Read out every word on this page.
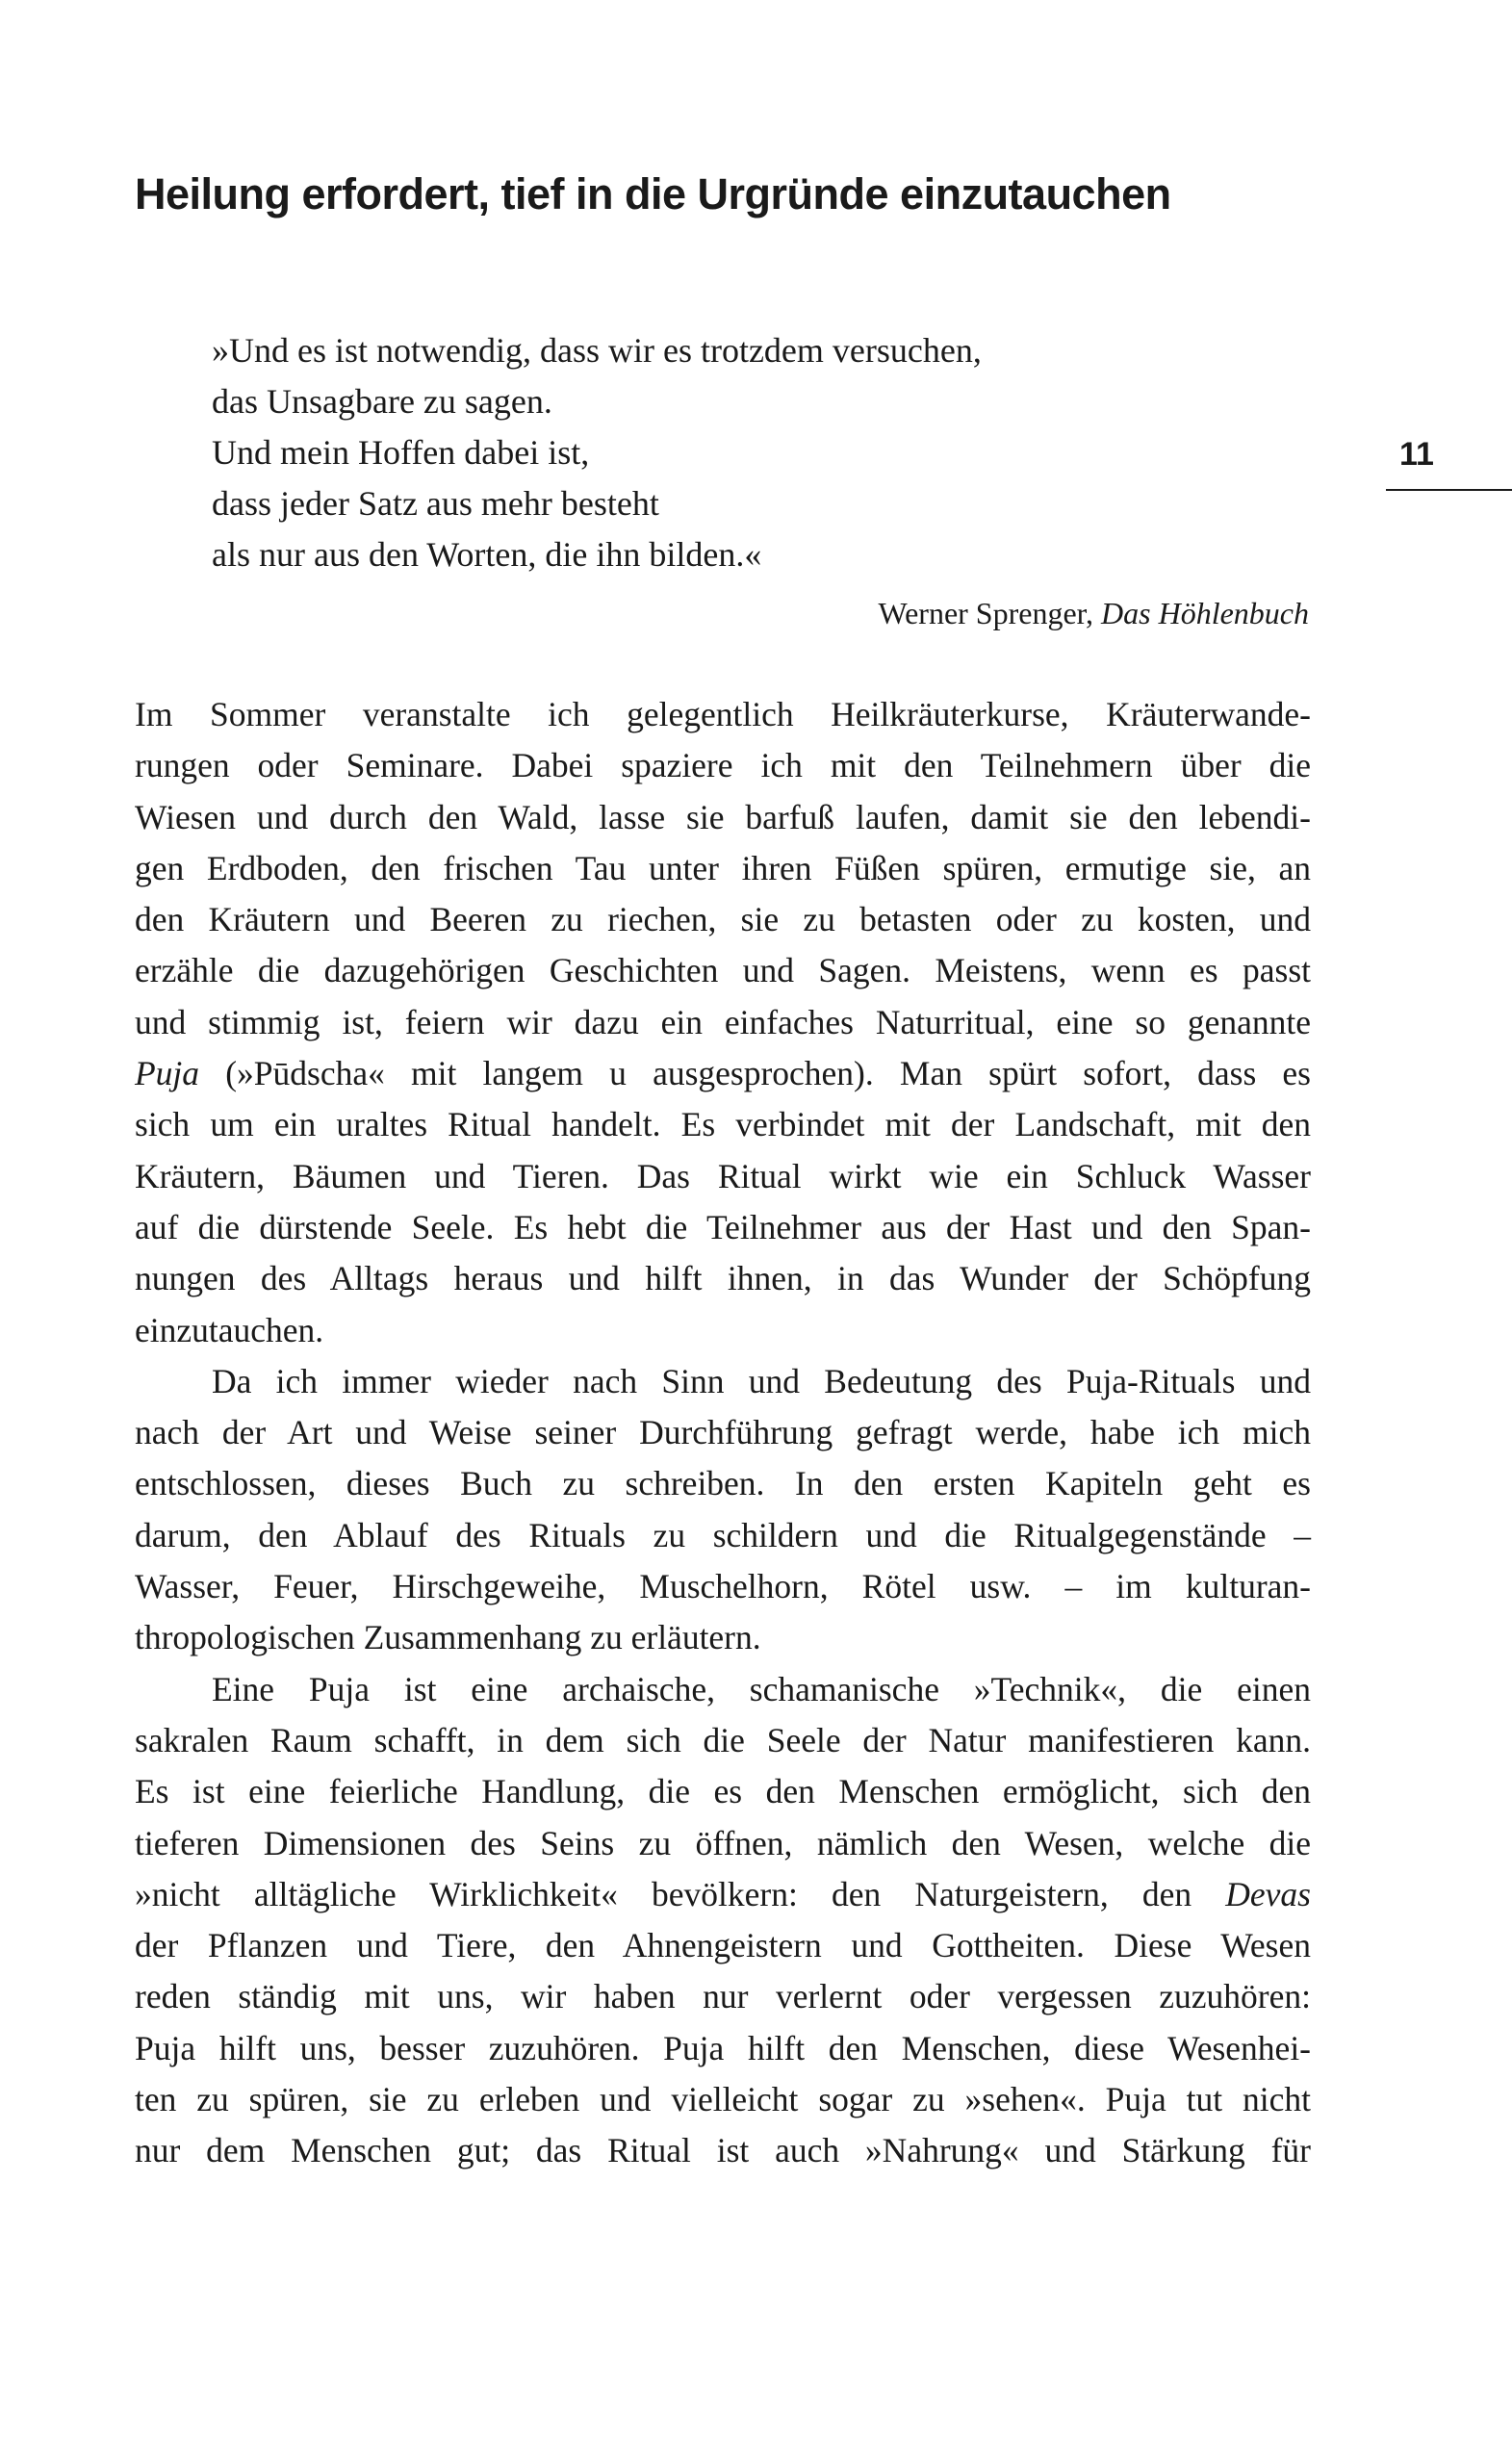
Heilung erfordert, tief in die Urgründe einzutauchen
11
»Und es ist notwendig, dass wir es trotzdem versuchen,
das Unsagbare zu sagen.
Und mein Hoffen dabei ist,
dass jeder Satz aus mehr besteht
als nur aus den Worten, die ihn bilden.«
Werner Sprenger, Das Höhlenbuch
Im Sommer veranstalte ich gelegentlich Heilkräuterkurse, Kräuterwande-
rungen oder Seminare. Dabei spaziere ich mit den Teilnehmern über die
Wiesen und durch den Wald, lasse sie barfuß laufen, damit sie den lebendi-
gen Erdboden, den frischen Tau unter ihren Füßen spüren, ermutige sie, an
den Kräutern und Beeren zu riechen, sie zu betasten oder zu kosten, und
erzähle die dazugehörigen Geschichten und Sagen. Meistens, wenn es passt
und stimmig ist, feiern wir dazu ein einfaches Naturritual, eine so genannte
Puja (»Pūdscha« mit langem u ausgesprochen). Man spürt sofort, dass es
sich um ein uraltes Ritual handelt. Es verbindet mit der Landschaft, mit den
Kräutern, Bäumen und Tieren. Das Ritual wirkt wie ein Schluck Wasser
auf die dürstende Seele. Es hebt die Teilnehmer aus der Hast und den Span-
nungen des Alltags heraus und hilft ihnen, in das Wunder der Schöpfung
einzutauchen.
Da ich immer wieder nach Sinn und Bedeutung des Puja-Rituals und
nach der Art und Weise seiner Durchführung gefragt werde, habe ich mich
entschlossen, dieses Buch zu schreiben. In den ersten Kapiteln geht es
darum, den Ablauf des Rituals zu schildern und die Ritualgegenstände –
Wasser, Feuer, Hirschgeweihe, Muschelhorn, Rötel usw. – im kulturan-
thropologischen Zusammenhang zu erläutern.
Eine Puja ist eine archaische, schamanische »Technik«, die einen
sakralen Raum schafft, in dem sich die Seele der Natur manifestieren kann.
Es ist eine feierliche Handlung, die es den Menschen ermöglicht, sich den
tieferen Dimensionen des Seins zu öffnen, nämlich den Wesen, welche die
»nicht alltägliche Wirklichkeit« bevölkern: den Naturgeistern, den Devas
der Pflanzen und Tiere, den Ahnengeistern und Gottheiten. Diese Wesen
reden ständig mit uns, wir haben nur verlernt oder vergessen zuzuhören:
Puja hilft uns, besser zuzuhören. Puja hilft den Menschen, diese Wesenhei-
ten zu spüren, sie zu erleben und vielleicht sogar zu »sehen«. Puja tut nicht
nur dem Menschen gut; das Ritual ist auch »Nahrung« und Stärkung für
